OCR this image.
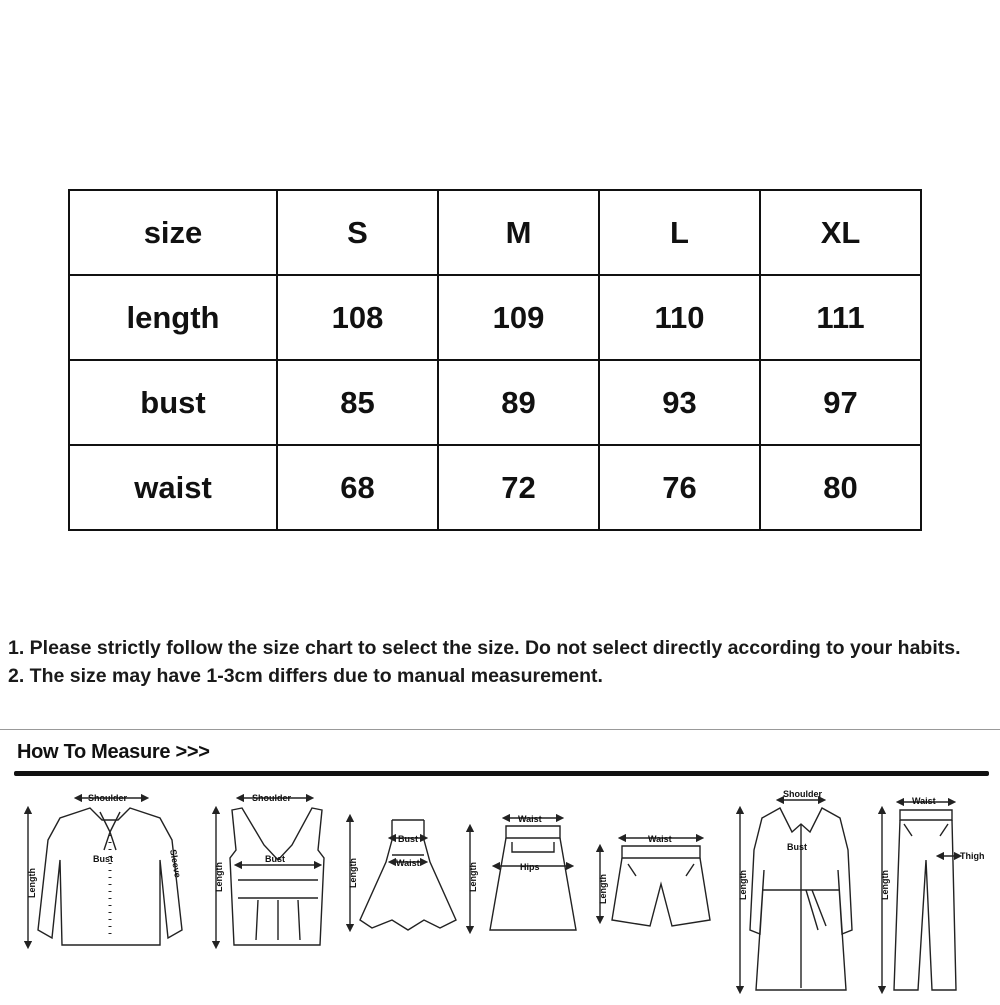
size	S	M	L	XL
length	108	109	110	111
bust	85	89	93	97
waist	68	72	76	80

1. Please strictly follow the size chart to select the size. Do not select directly according to your habits.

2. The size may have 1-3cm differs due to manual measurement.

How To Measure >>>
Shoulder
Bust
Length
Sleeve
Shoulder
Bust
Length
Bust
Waist
Length
Waist
Hips
Length
Waist
Length
Shoulder
Bust
Length
Waist
Thigh
Length
